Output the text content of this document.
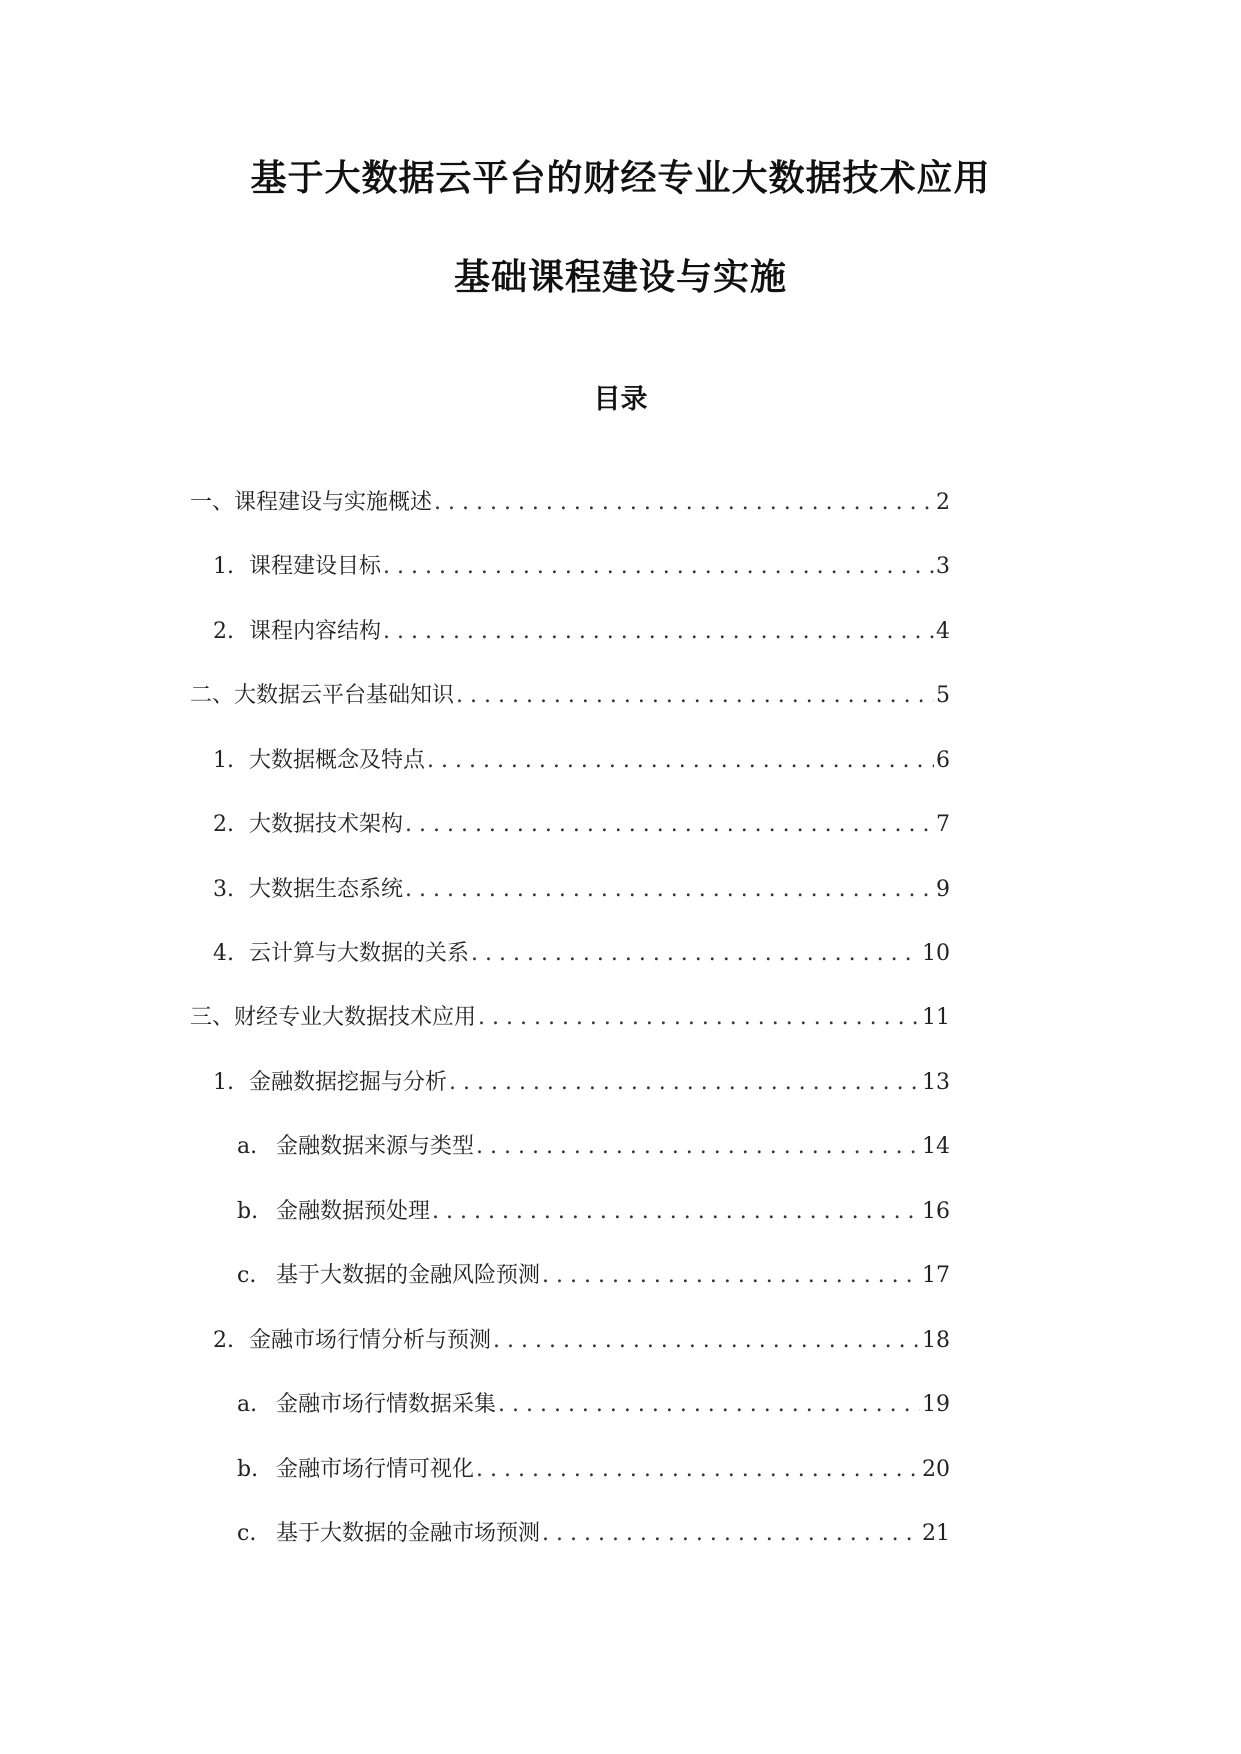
基于大数据云平台的财经专业大数据技术应用
基础课程建设与实施
目录
一、 课程建设与实施概述 . . .	2
1. 课程建设目标 . . .	3
2. 课程内容结构 . . .	4
二、 大数据云平台基础知识 . . .	5
1. 大数据概念及特点 . . .	6
2. 大数据技术架构 . . .	7
3. 大数据生态系统 . . .	9
4. 云计算与大数据的关系 . . .	10
三、 财经专业大数据技术应用 . . .	11
1. 金融数据挖掘与分析 . . .	13
a. 金融数据来源与类型 . . .	14
b. 金融数据预处理 . . .	16
c. 基于大数据的金融风险预测 . . .	17
2. 金融市场行情分析与预测 . . .	18
a. 金融市场行情数据采集 . . .	19
b. 金融市场行情可视化 . . .	20
c. 基于大数据的金融市场预测 . . .	21
